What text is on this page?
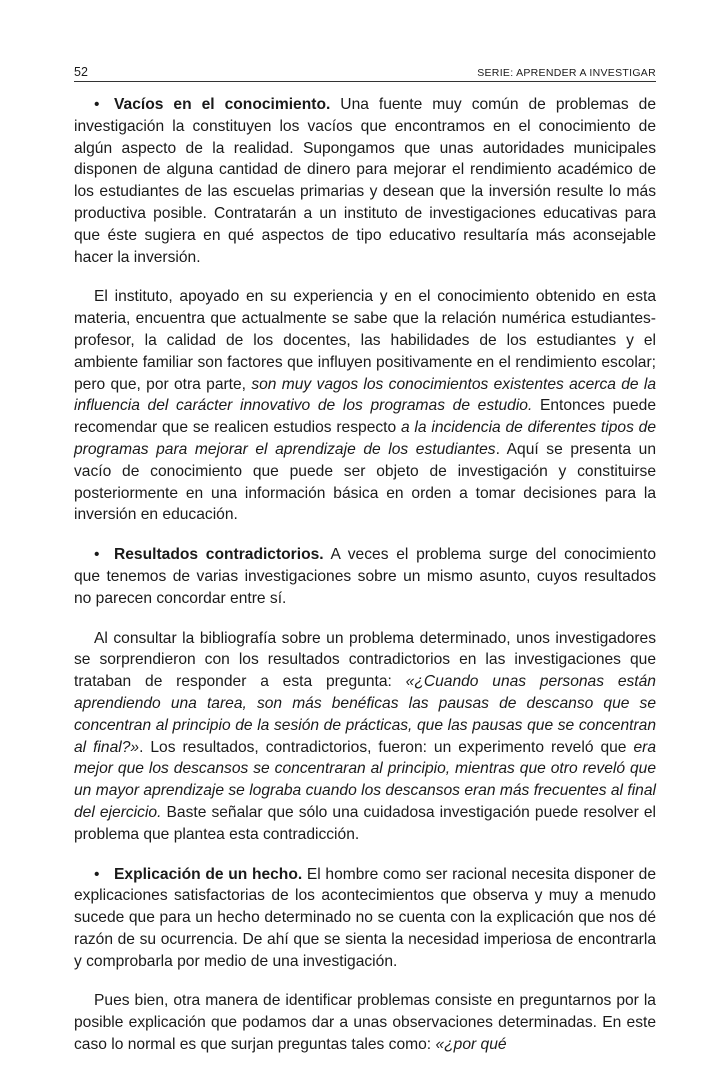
52	SERIE: APRENDER A INVESTIGAR

• Vacíos en el conocimiento. Una fuente muy común de problemas de investigación la constituyen los vacíos que encontramos en el conocimiento de algún aspecto de la realidad. Supongamos que unas autoridades municipales disponen de alguna cantidad de dinero para mejorar el rendimiento académico de los estudiantes de las escuelas primarias y desean que la inversión resulte lo más productiva posible. Contratarán a un instituto de investigaciones educativas para que éste sugiera en qué aspectos de tipo educativo resultaría más aconsejable hacer la inversión.

El instituto, apoyado en su experiencia y en el conocimiento obtenido en esta materia, encuentra que actualmente se sabe que la relación numérica estudiantes-profesor, la calidad de los docentes, las habilidades de los estudiantes y el ambiente familiar son factores que influyen positivamente en el rendimiento escolar; pero que, por otra parte, son muy vagos los conocimientos existentes acerca de la influencia del carácter innovativo de los programas de estudio. Entonces puede recomendar que se realicen estudios respecto a la incidencia de diferentes tipos de programas para mejorar el aprendizaje de los estudiantes. Aquí se presenta un vacío de conocimiento que puede ser objeto de investigación y constituirse posteriormente en una información básica en orden a tomar decisiones para la inversión en educación.

• Resultados contradictorios. A veces el problema surge del conocimiento que tenemos de varias investigaciones sobre un mismo asunto, cuyos resultados no parecen concordar entre sí.

Al consultar la bibliografía sobre un problema determinado, unos investigadores se sorprendieron con los resultados contradictorios en las investigaciones que trataban de responder a esta pregunta: «¿Cuando unas personas están aprendiendo una tarea, son más benéficas las pausas de descanso que se concentran al principio de la sesión de prácticas, que las pausas que se concentran al final?». Los resultados, contradictorios, fueron: un experimento reveló que era mejor que los descansos se concentraran al principio, mientras que otro reveló que un mayor aprendizaje se lograba cuando los descansos eran más frecuentes al final del ejercicio. Baste señalar que sólo una cuidadosa investigación puede resolver el problema que plantea esta contradicción.

• Explicación de un hecho. El hombre como ser racional necesita disponer de explicaciones satisfactorias de los acontecimientos que observa y muy a menudo sucede que para un hecho determinado no se cuenta con la explicación que nos dé razón de su ocurrencia. De ahí que se sienta la necesidad imperiosa de encontrarla y comprobarla por medio de una investigación.

Pues bien, otra manera de identificar problemas consiste en preguntarnos por la posible explicación que podamos dar a unas observaciones determinadas. En este caso lo normal es que surjan preguntas tales como: «¿por qué
